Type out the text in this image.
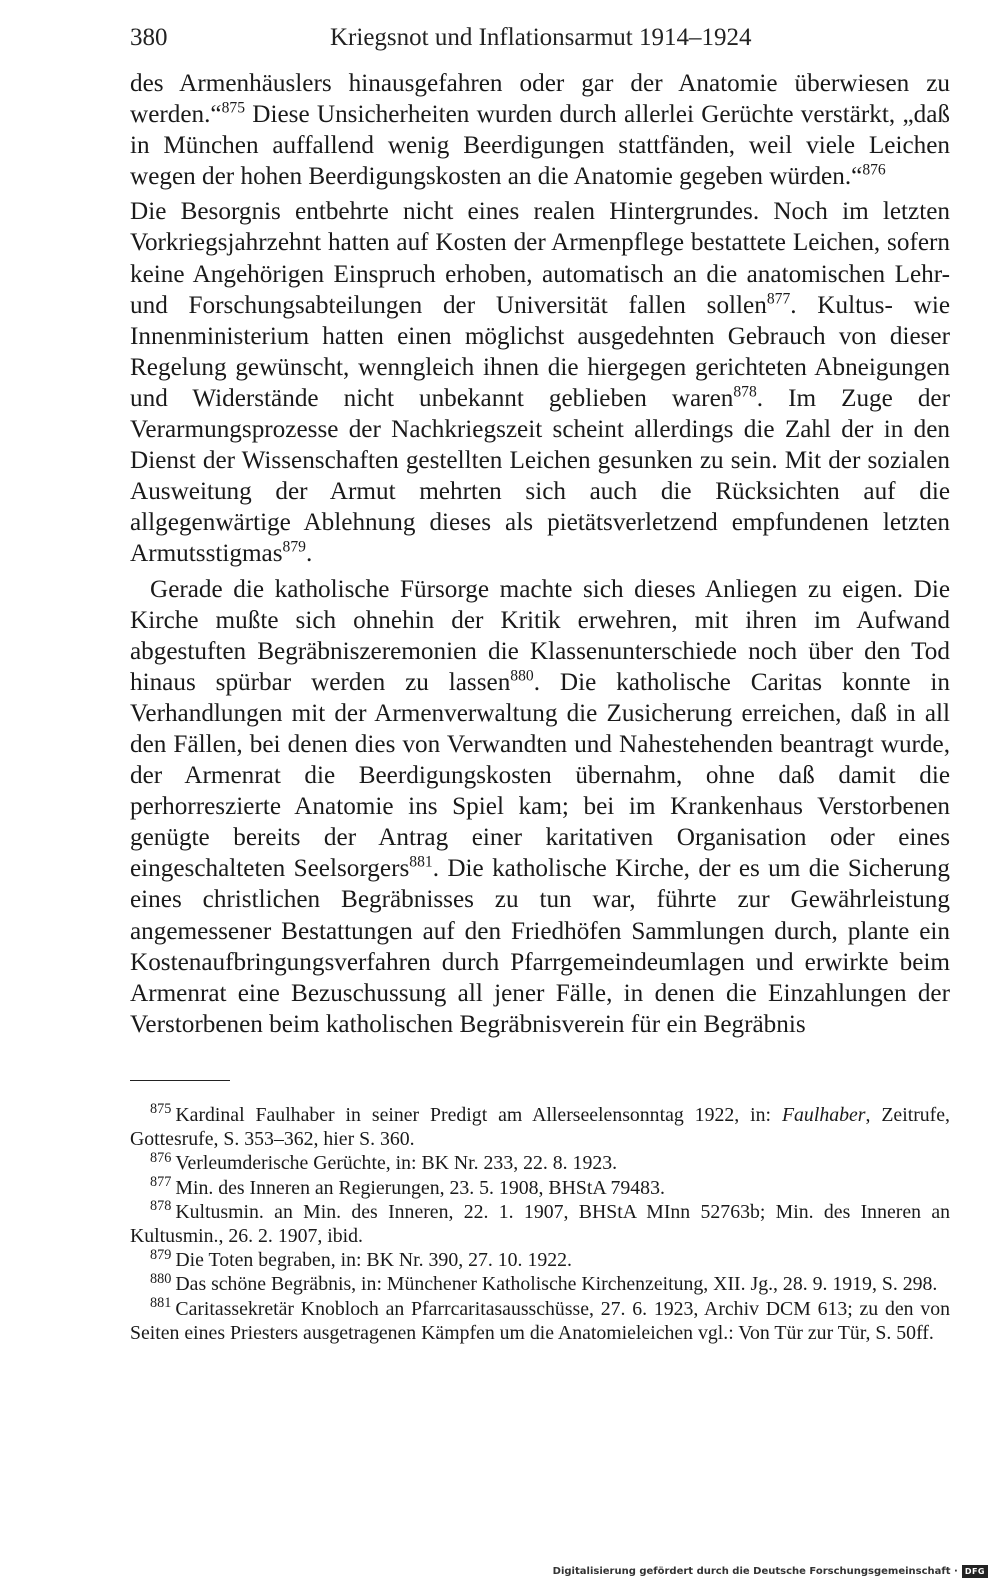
380	Kriegsnot und Inflationsarmut 1914–1924

des Armenhäuslers hinausgefahren oder gar der Anatomie überwiesen zu werden.“$^{875}$ Diese Unsicherheiten wurden durch allerlei Gerüchte verstärkt, „daß in München auffallend wenig Beerdigungen stattfänden, weil viele Leichen wegen der hohen Beerdigungskosten an die Anatomie gegeben würden.“$^{876}$

Die Besorgnis entbehrte nicht eines realen Hintergrundes. Noch im letzten Vorkriegsjahrzehnt hatten auf Kosten der Armenpflege bestattete Leichen, sofern keine Angehörigen Einspruch erhoben, automatisch an die anatomischen Lehr- und Forschungsabteilungen der Universität fallen sollen$^{877}$. Kultus- wie Innenministerium hatten einen möglichst ausgedehnten Gebrauch von dieser Regelung gewünscht, wenngleich ihnen die hiergegen gerichteten Abneigungen und Widerstände nicht unbekannt geblieben waren$^{878}$. Im Zuge der Verarmungsprozesse der Nachkriegszeit scheint allerdings die Zahl der in den Dienst der Wissenschaften gestellten Leichen gesunken zu sein. Mit der sozialen Ausweitung der Armut mehrten sich auch die Rücksichten auf die allgegenwärtige Ablehnung dieses als pietätsverletzend empfundenen letzten Armutsstigmas$^{879}$.

Gerade die katholische Fürsorge machte sich dieses Anliegen zu eigen. Die Kirche mußte sich ohnehin der Kritik erwehren, mit ihren im Aufwand abgestuften Begräbniszeremonien die Klassenunterschiede noch über den Tod hinaus spürbar werden zu lassen$^{880}$. Die katholische Caritas konnte in Verhandlungen mit der Armenverwaltung die Zusicherung erreichen, daß in all den Fällen, bei denen dies von Verwandten und Nahestehenden beantragt wurde, der Armenrat die Beerdigungskosten übernahm, ohne daß damit die perhorreszierte Anatomie ins Spiel kam; bei im Krankenhaus Verstorbenen genügte bereits der Antrag einer karitativen Organisation oder eines eingeschalteten Seelsorgers$^{881}$. Die katholische Kirche, der es um die Sicherung eines christlichen Begräbnisses zu tun war, führte zur Gewährleistung angemessener Bestattungen auf den Friedhöfen Sammlungen durch, plante ein Kostenaufbringungsverfahren durch Pfarrgemeindeumlagen und erwirkte beim Armenrat eine Bezuschussung all jener Fälle, in denen die Einzahlungen der Verstorbenen beim katholischen Begräbnisverein für ein Begräbnis

$^{875}$ Kardinal Faulhaber in seiner Predigt am Allerseelensonntag 1922, in: Faulhaber, Zeitrufe, Gottesrufe, S. 353–362, hier S. 360.

$^{876}$ Verleumderische Gerüchte, in: BK Nr. 233, 22. 8. 1923.

$^{877}$ Min. des Inneren an Regierungen, 23. 5. 1908, BHStA 79483.

$^{878}$ Kultusmin. an Min. des Inneren, 22. 1. 1907, BHStA MInn 52763b; Min. des Inneren an Kultusmin., 26. 2. 1907, ibid.

$^{879}$ Die Toten begraben, in: BK Nr. 390, 27. 10. 1922.

$^{880}$ Das schöne Begräbnis, in: Münchener Katholische Kirchenzeitung, XII. Jg., 28. 9. 1919, S. 298.

$^{881}$ Caritassekretär Knobloch an Pfarrcaritasausschüsse, 27. 6. 1923, Archiv DCM 613; zu den von Seiten eines Priesters ausgetragenen Kämpfen um die Anatomieleichen vgl.: Von Tür zur Tür, S. 50ff.

Digitalisierung gefördert durch die Deutsche Forschungsgemeinschaft · DFG
